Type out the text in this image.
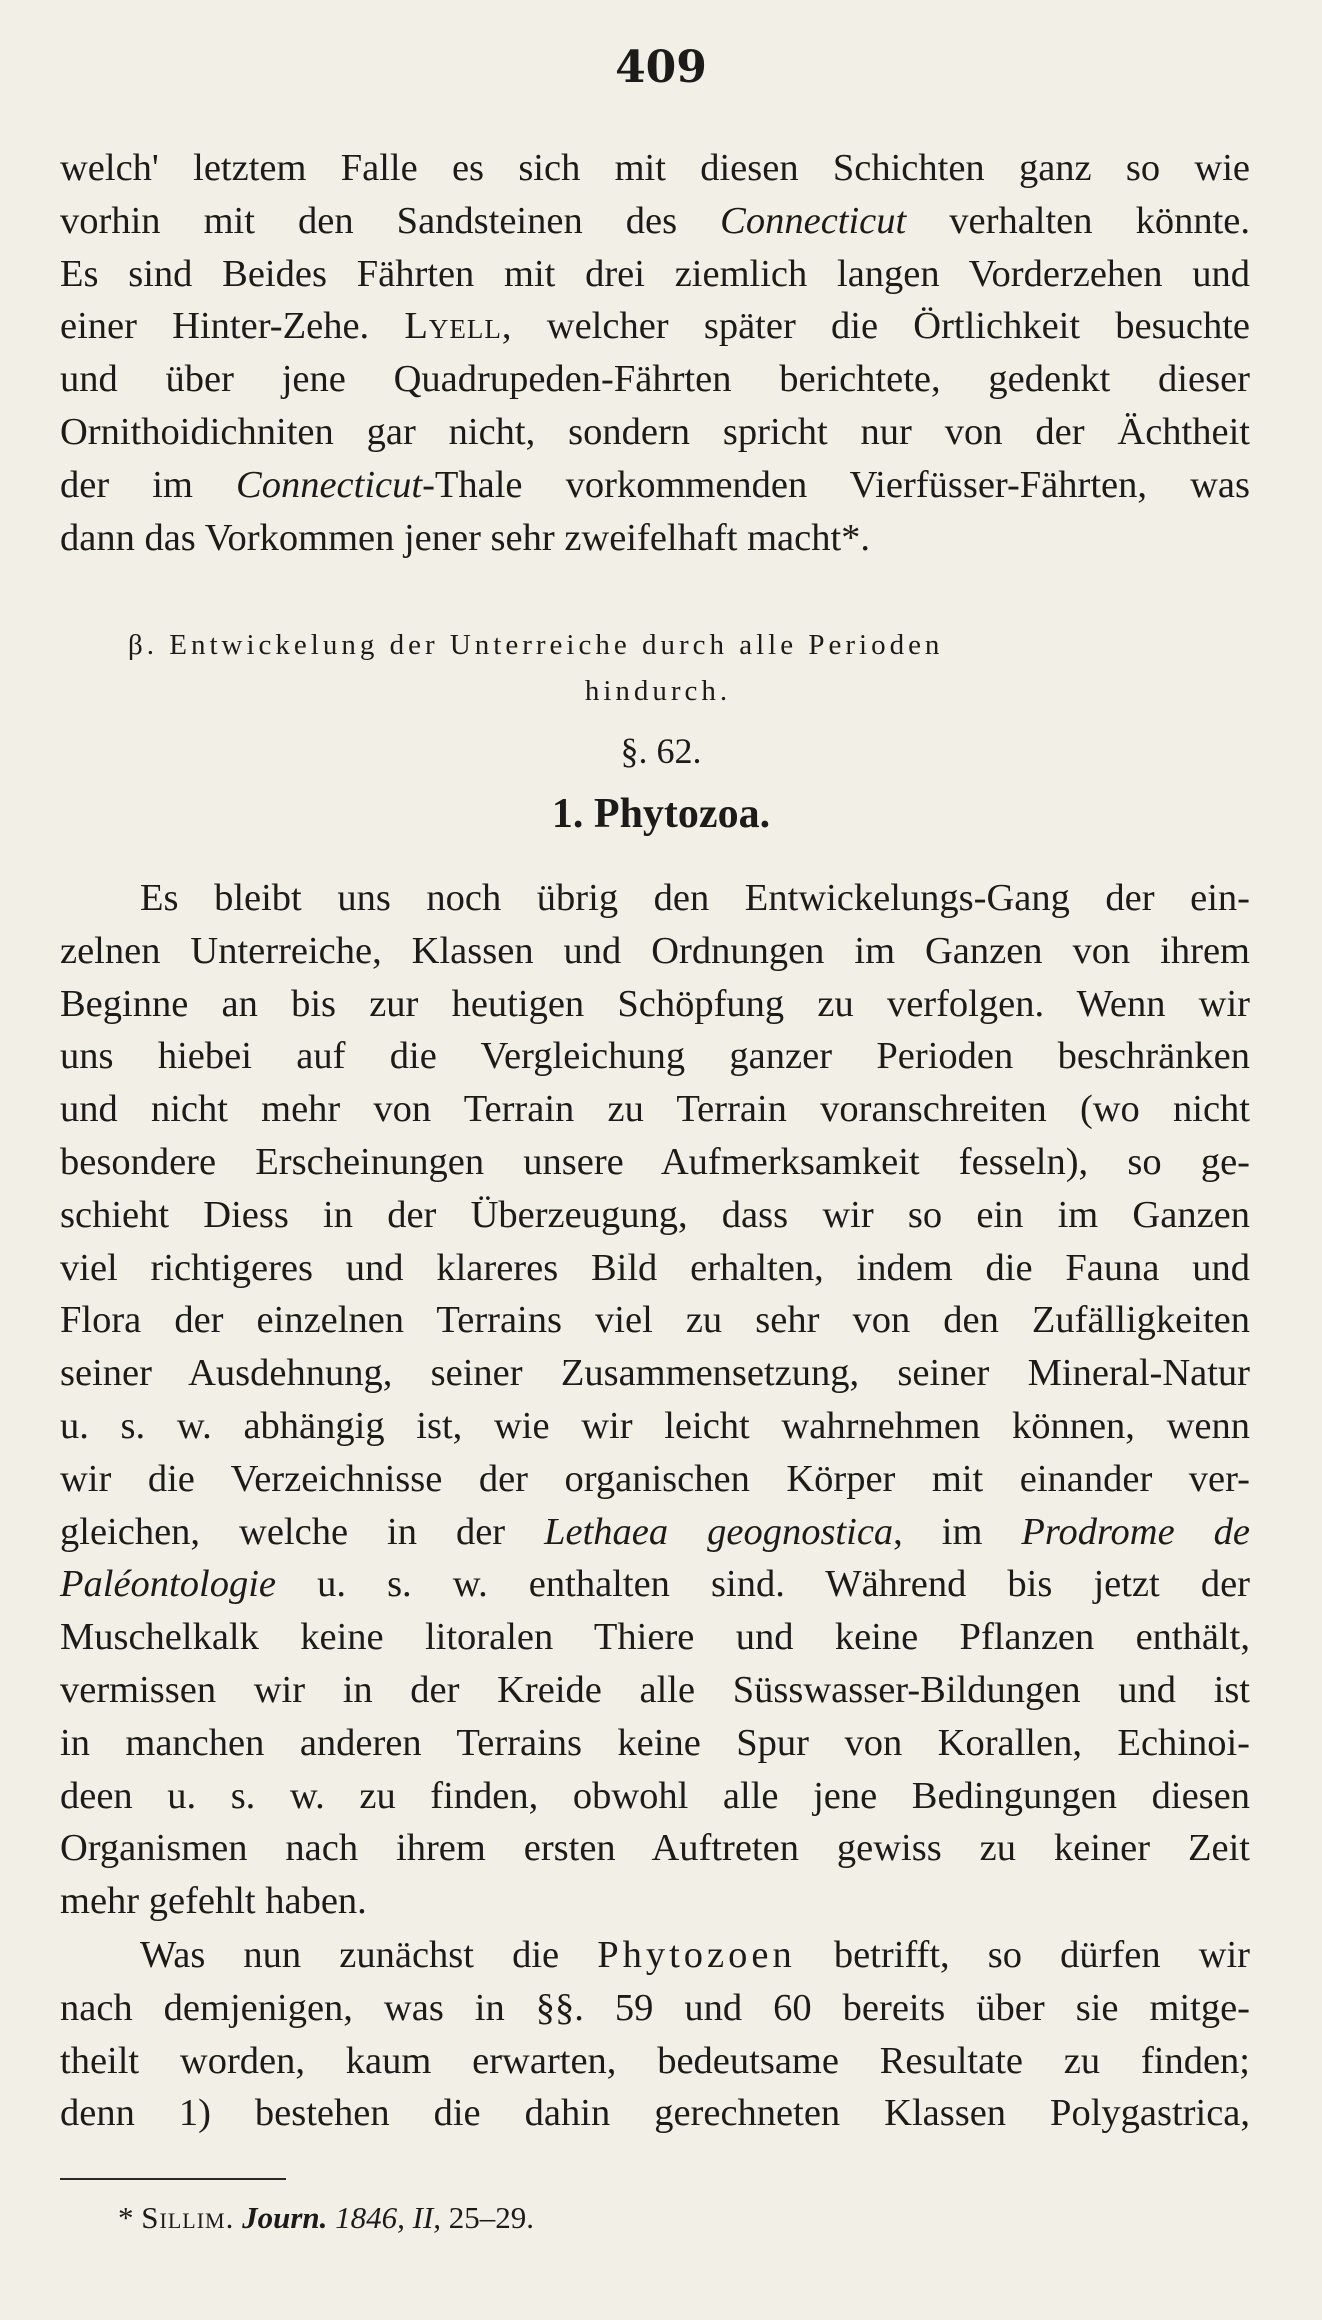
409
welch' letztem Falle es sich mit diesen Schichten ganz so wie
vorhin mit den Sandsteinen des Connecticut verhalten könnte.
Es sind Beides Fährten mit drei ziemlich langen Vorderzehen und
einer Hinter-Zehe. Lyell, welcher später die Örtlichkeit besuchte
und über jene Quadrupeden-Fährten berichtete, gedenkt dieser
Ornithoidichniten gar nicht, sondern spricht nur von der Ächtheit
der im Connecticut-Thale vorkommenden Vierfüsser-Fährten, was
dann das Vorkommen jener sehr zweifelhaft macht*.
β. Entwickelung der Unterreiche durch alle Perioden
hindurch.
§. 62.
1. Phytozoa.
Es bleibt uns noch übrig den Entwickelungs-Gang der ein-
zelnen Unterreiche, Klassen und Ordnungen im Ganzen von ihrem
Beginne an bis zur heutigen Schöpfung zu verfolgen. Wenn wir
uns hiebei auf die Vergleichung ganzer Perioden beschränken
und nicht mehr von Terrain zu Terrain voranschreiten (wo nicht
besondere Erscheinungen unsere Aufmerksamkeit fesseln), so ge-
schieht Diess in der Überzeugung, dass wir so ein im Ganzen
viel richtigeres und klareres Bild erhalten, indem die Fauna und
Flora der einzelnen Terrains viel zu sehr von den Zufälligkeiten
seiner Ausdehnung, seiner Zusammensetzung, seiner Mineral-Natur
u. s. w. abhängig ist, wie wir leicht wahrnehmen können, wenn
wir die Verzeichnisse der organischen Körper mit einander ver-
gleichen, welche in der Lethaea geognostica, im Prodrome de
Paléontologie u. s. w. enthalten sind. Während bis jetzt der
Muschelkalk keine litoralen Thiere und keine Pflanzen enthält,
vermissen wir in der Kreide alle Süsswasser-Bildungen und ist
in manchen anderen Terrains keine Spur von Korallen, Echinoi-
deen u. s. w. zu finden, obwohl alle jene Bedingungen diesen
Organismen nach ihrem ersten Auftreten gewiss zu keiner Zeit
mehr gefehlt haben.
Was nun zunächst die Phytozoen betrifft, so dürfen wir
nach demjenigen, was in §§. 59 und 60 bereits über sie mitge-
theilt worden, kaum erwarten, bedeutsame Resultate zu finden;
denn 1) bestehen die dahin gerechneten Klassen Polygastrica,
* Sillim. Journ. 1846, II, 25–29.
